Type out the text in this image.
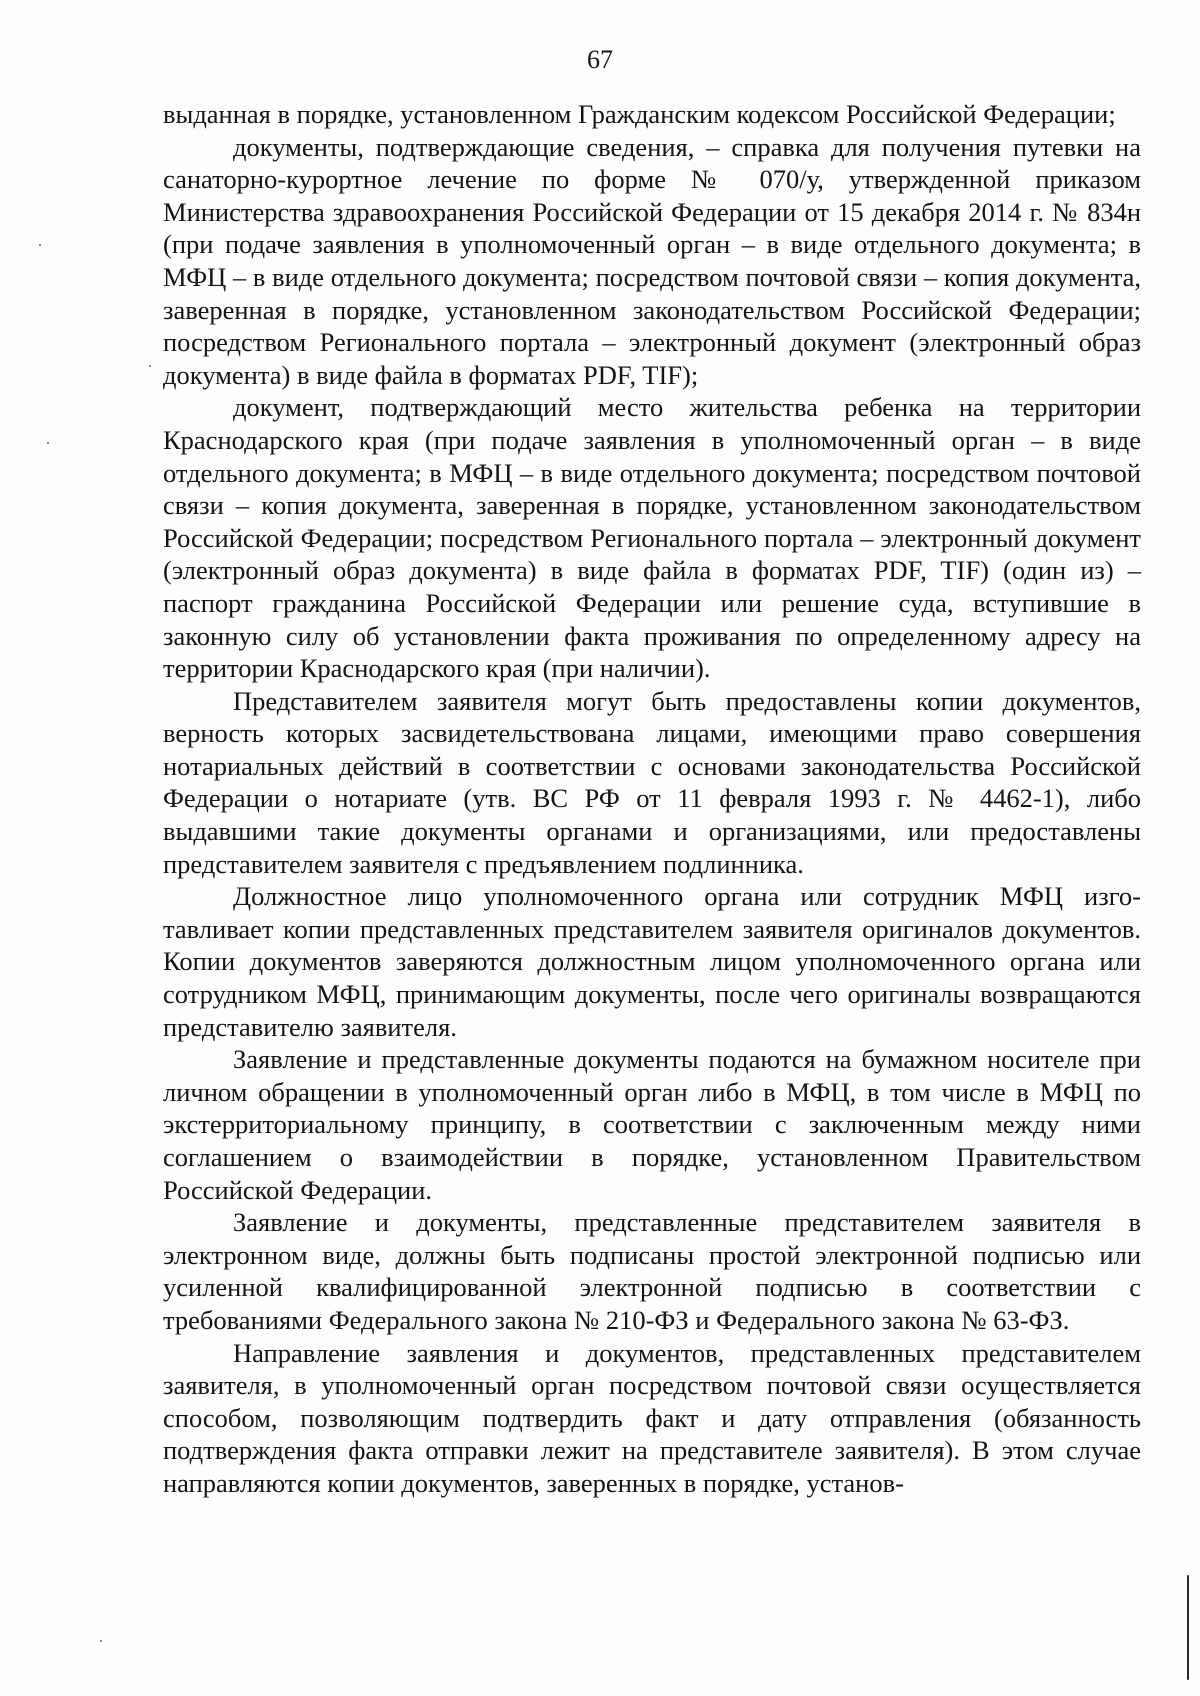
67

выданная в порядке, установленном Гражданским кодексом Российской Федерации;

документы, подтверждающие сведения, – справка для получения путевки на санаторно-курортное лечение по форме № 070/у, утвержденной приказом Министерства здравоохранения Российской Федерации от 15 декабря 2014 г. № 834н (при подаче заявления в уполномоченный орган – в виде отдельного документа; в МФЦ – в виде отдельного документа; посредством почтовой связи – копия документа, заверенная в порядке, установленном законодательством Российской Федерации; посредством Регионального портала – электронный документ (электронный образ документа) в виде файла в форматах PDF, TIF);

документ, подтверждающий место жительства ребенка на территории Краснодарского края (при подаче заявления в уполномоченный орган – в виде отдельного документа; в МФЦ – в виде отдельного документа; посредством почтовой связи – копия документа, заверенная в порядке, установленном законодательством Российской Федерации; посредством Регионального портала – электронный документ (электронный образ документа) в виде файла в форматах PDF, TIF) (один из) – паспорт гражданина Российской Федерации или решение суда, вступившие в законную силу об установлении факта проживания по определенному адресу на территории Краснодарского края (при наличии).

Представителем заявителя могут быть предоставлены копии документов, верность которых засвидетельствована лицами, имеющими право совершения нотариальных действий в соответствии с основами законодательства Российской Федерации о нотариате (утв. ВС РФ от 11 февраля 1993 г. № 4462-1), либо выдавшими такие документы органами и организациями, или предоставлены представителем заявителя с предъявлением подлинника.

Должностное лицо уполномоченного органа или сотрудник МФЦ изготавливает копии представленных представителем заявителя оригиналов документов. Копии документов заверяются должностным лицом уполномоченного органа или сотрудником МФЦ, принимающим документы, после чего оригиналы возвращаются представителю заявителя.

Заявление и представленные документы подаются на бумажном носителе при личном обращении в уполномоченный орган либо в МФЦ, в том числе в МФЦ по экстерриториальному принципу, в соответствии с заключенным между ними соглашением о взаимодействии в порядке, установленном Правительством Российской Федерации.

Заявление и документы, представленные представителем заявителя в электронном виде, должны быть подписаны простой электронной подписью или усиленной квалифицированной электронной подписью в соответствии с требованиями Федерального закона № 210-ФЗ и Федерального закона № 63-ФЗ.

Направление заявления и документов, представленных представителем заявителя, в уполномоченный орган посредством почтовой связи осуществляется способом, позволяющим подтвердить факт и дату отправления (обязанность подтверждения факта отправки лежит на представителе заявителя). В этом случае направляются копии документов, заверенных в порядке, установ-
